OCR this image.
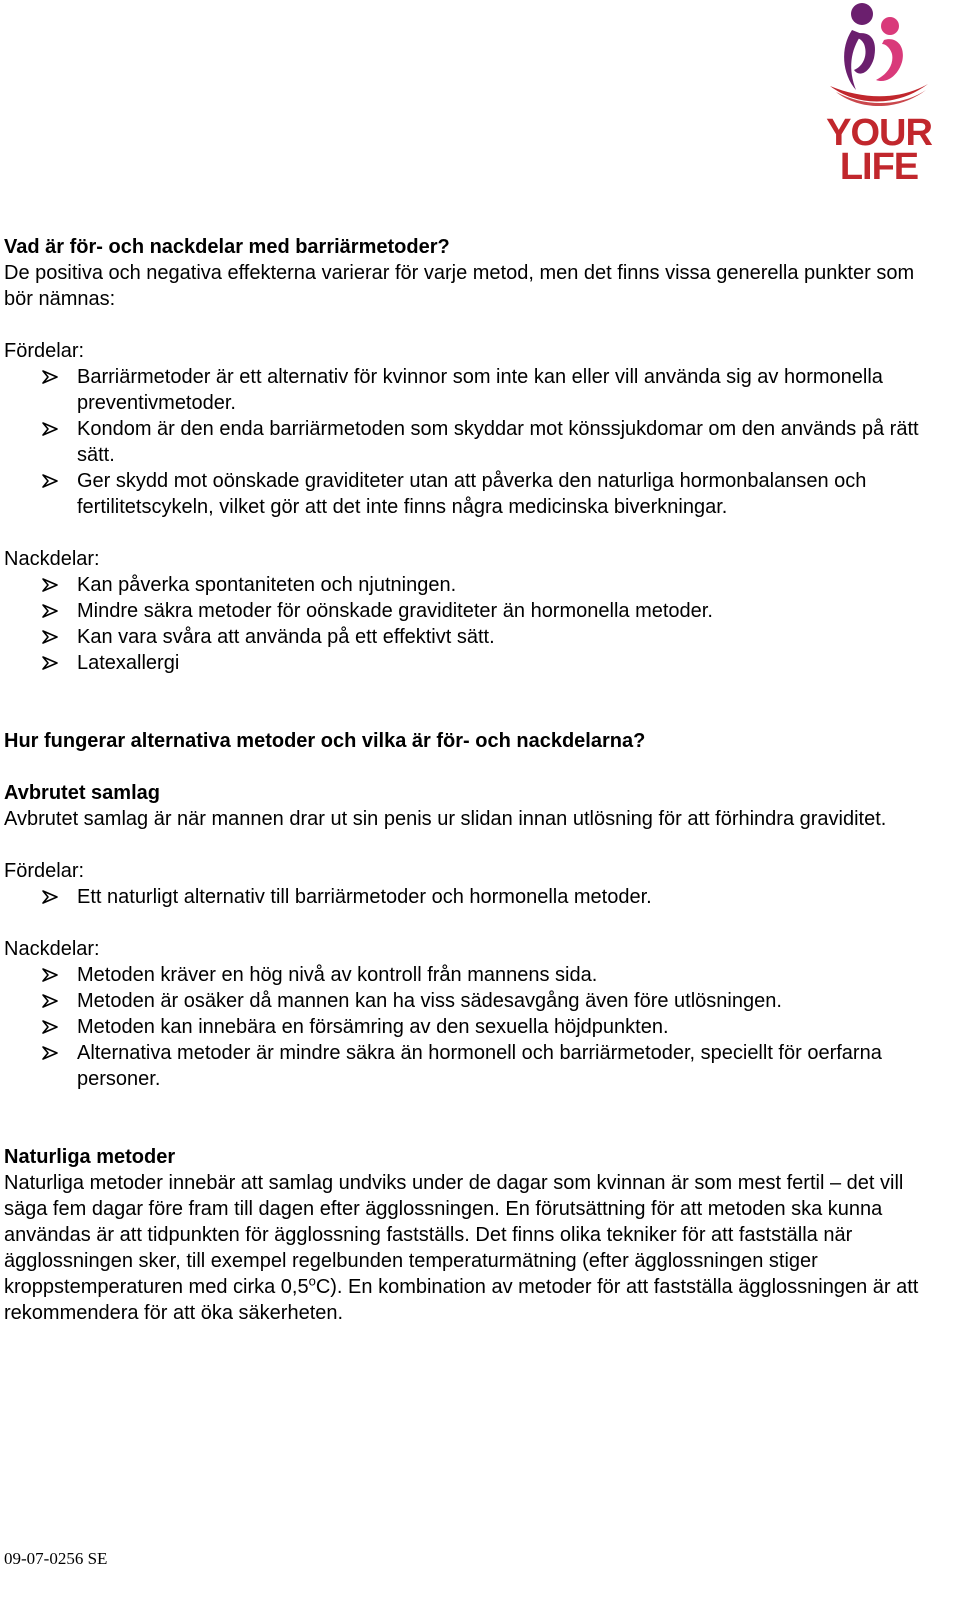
YOUR
LIFE

Vad är för- och nackdelar med barriärmetoder?

De positiva och negativa effekterna varierar för varje metod, men det finns vissa generella punkter som bör nämnas:

Fördelar:

Barriärmetoder är ett alternativ för kvinnor som inte kan eller vill använda sig av hormonella preventivmetoder.
Kondom är den enda barriärmetoden som skyddar mot könssjukdomar om den används på rätt sätt.
Ger skydd mot oönskade graviditeter utan att påverka den naturliga hormonbalansen och fertilitetscykeln, vilket gör att det inte finns några medicinska biverkningar.

Nackdelar:

Kan påverka spontaniteten och njutningen.
Mindre säkra metoder för oönskade graviditeter än hormonella metoder.
Kan vara svåra att använda på ett effektivt sätt.
Latexallergi

Hur fungerar alternativa metoder och vilka är för- och nackdelarna?

Avbrutet samlag

Avbrutet samlag är när mannen drar ut sin penis ur slidan innan utlösning för att förhindra graviditet.

Fördelar:

Ett naturligt alternativ till barriärmetoder och hormonella metoder.

Nackdelar:

Metoden kräver en hög nivå av kontroll från mannens sida.
Metoden är osäker då mannen kan ha viss sädesavgång även före utlösningen.
Metoden kan innebära en försämring av den sexuella höjdpunkten.
Alternativa metoder är mindre säkra än hormonell och barriärmetoder, speciellt för oerfarna personer.

Naturliga metoder

Naturliga metoder innebär att samlag undviks under de dagar som kvinnan är som mest fertil – det vill säga fem dagar före fram till dagen efter ägglossningen. En förutsättning för att metoden ska kunna användas är att tidpunkten för ägglossning fastställs. Det finns olika tekniker för att fastställa när ägglossningen sker, till exempel regelbunden temperaturmätning (efter ägglossningen stiger kroppstemperaturen med cirka 0,5$^o$C). En kombination av metoder för att fastställa ägglossningen är att rekommendera för att öka säkerheten.

09-07-0256 SE
